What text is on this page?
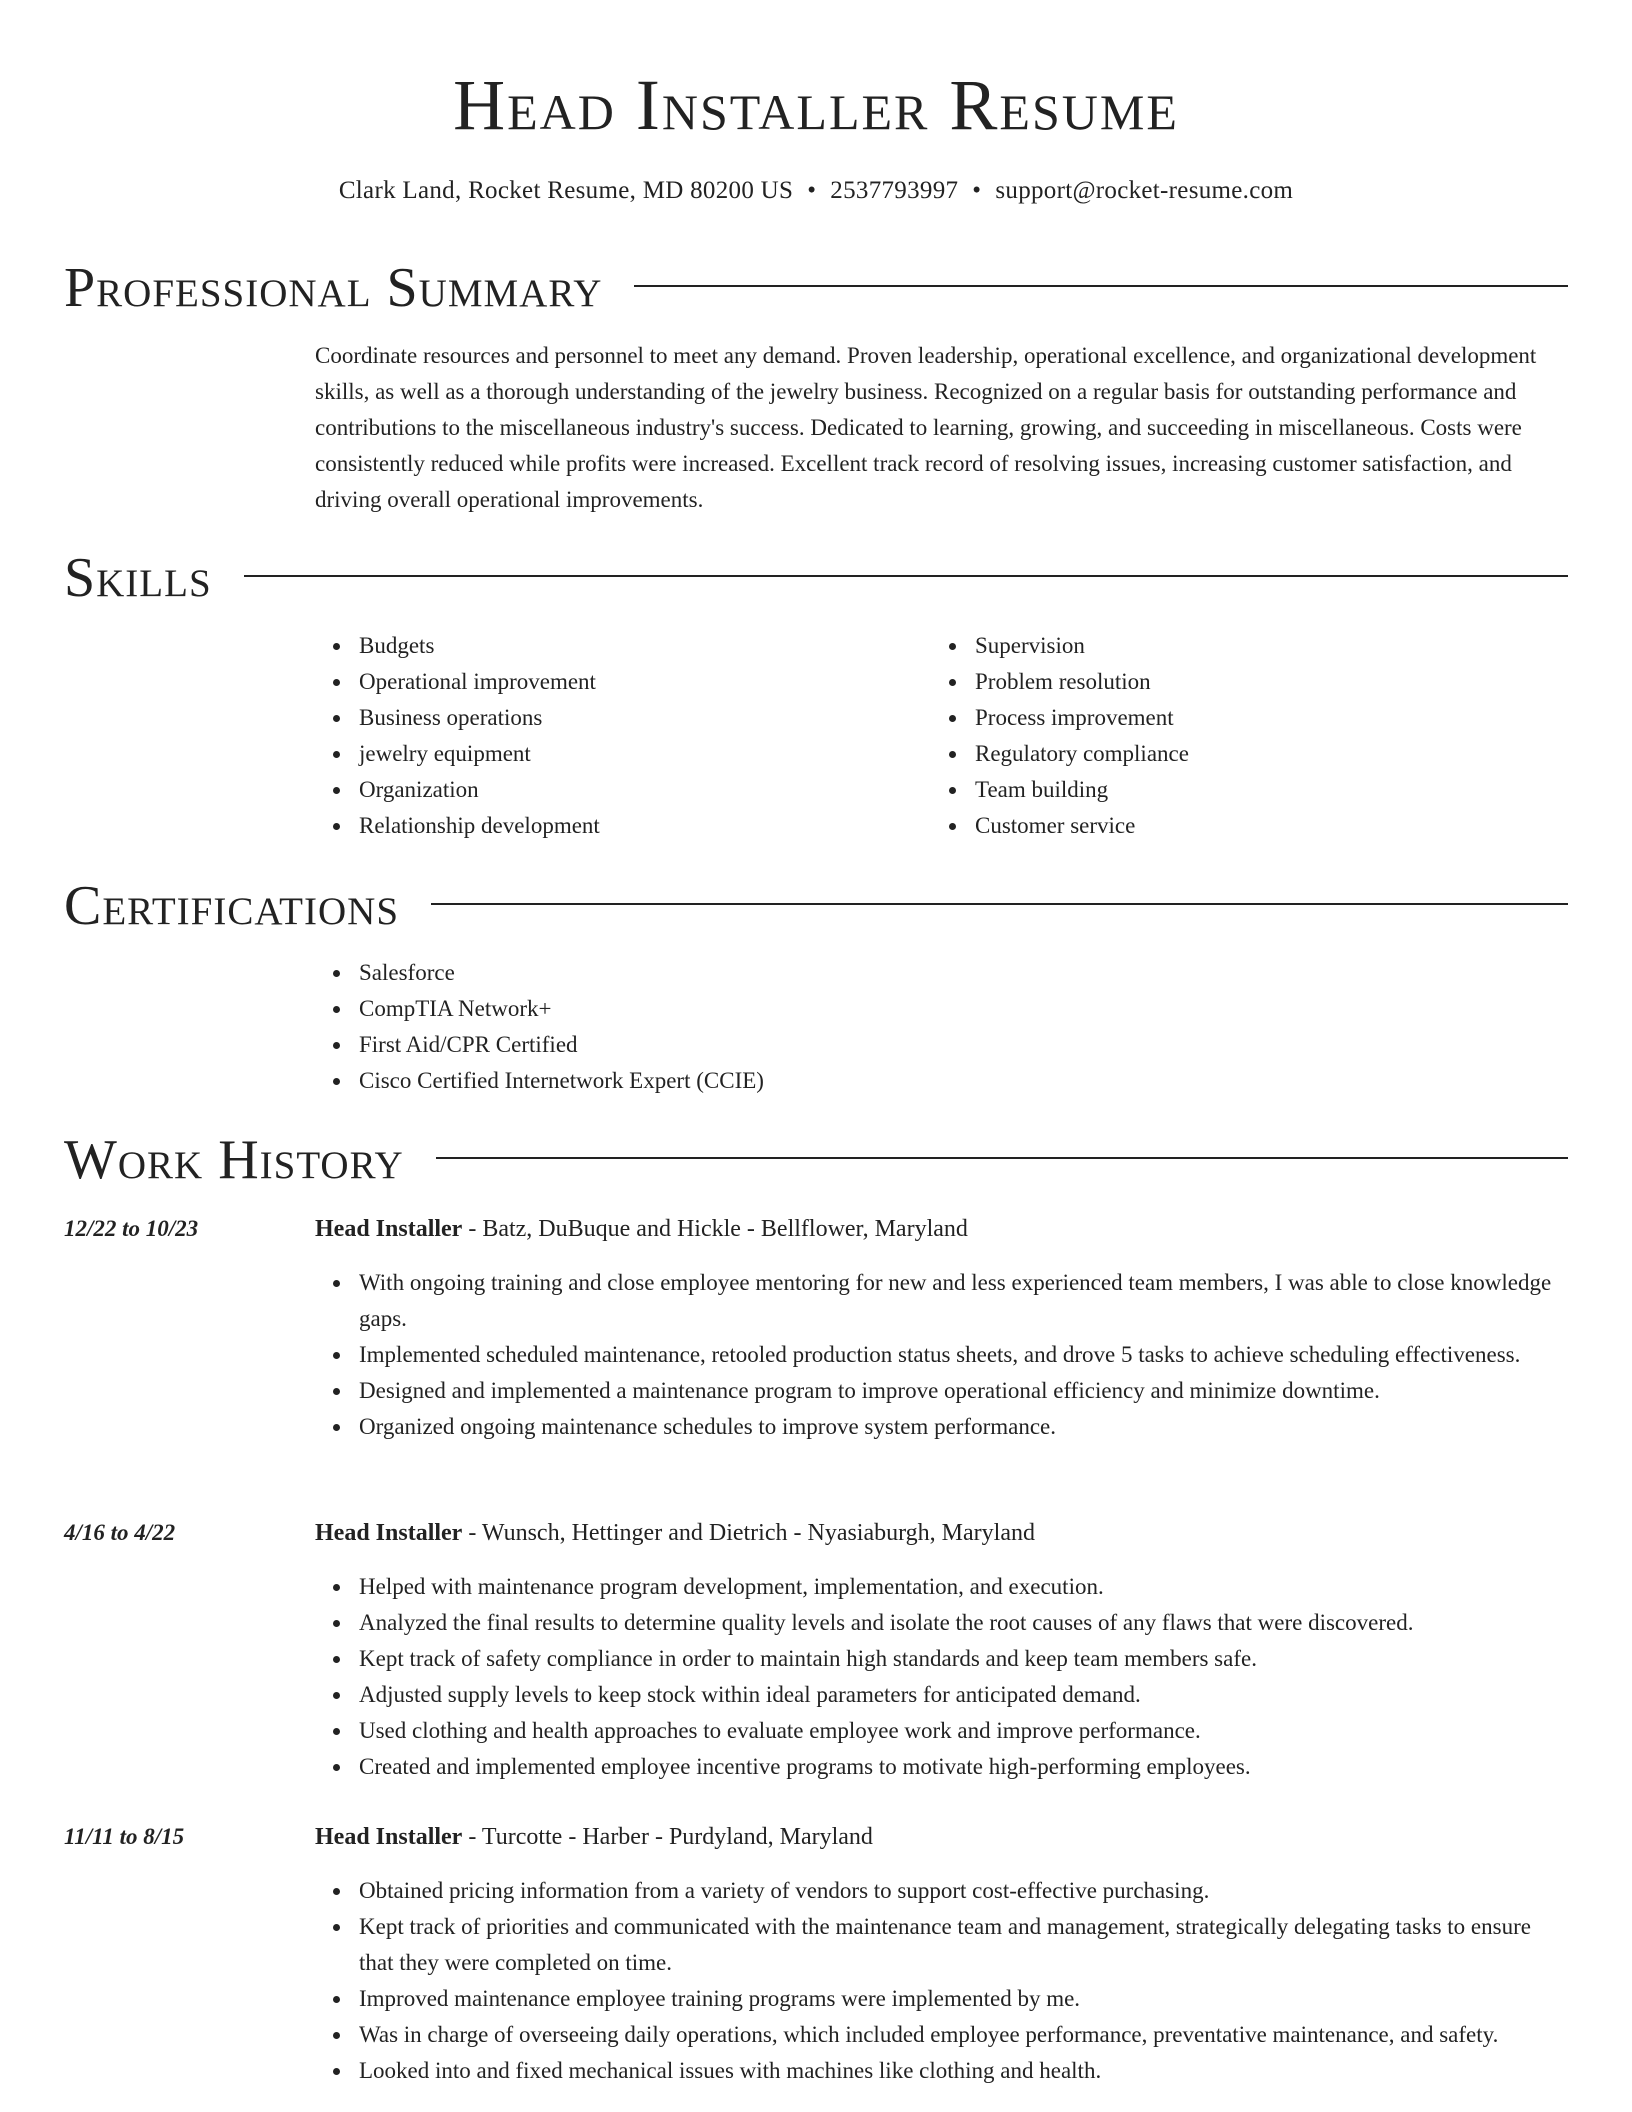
Head Installer Resume
Clark Land, Rocket Resume, MD 80200 US • 2537793997 • support@rocket-resume.com
Professional Summary

Coordinate resources and personnel to meet any demand. Proven leadership, operational excellence, and organizational development skills, as well as a thorough understanding of the jewelry business. Recognized on a regular basis for outstanding performance and contributions to the miscellaneous industry's success. Dedicated to learning, growing, and succeeding in miscellaneous. Costs were consistently reduced while profits were increased. Excellent track record of resolving issues, increasing customer satisfaction, and driving overall operational improvements.

Skills
Budgets
Operational improvement
Business operations
jewelry equipment
Organization
Relationship development
Supervision
Problem resolution
Process improvement
Regulatory compliance
Team building
Customer service
Certifications
Salesforce
CompTIA Network+
First Aid/CPR Certified
Cisco Certified Internetwork Expert (CCIE)
Work History
12/22 to 10/23	Head Installer - Batz, DuBuque and Hickle - Bellflower, Maryland
With ongoing training and close employee mentoring for new and less experienced team members, I was able to close knowledge gaps.
Implemented scheduled maintenance, retooled production status sheets, and drove 5 tasks to achieve scheduling effectiveness.
Designed and implemented a maintenance program to improve operational efficiency and minimize downtime.
Organized ongoing maintenance schedules to improve system performance.
4/16 to 4/22	Head Installer - Wunsch, Hettinger and Dietrich - Nyasiaburgh, Maryland
Helped with maintenance program development, implementation, and execution.
Analyzed the final results to determine quality levels and isolate the root causes of any flaws that were discovered.
Kept track of safety compliance in order to maintain high standards and keep team members safe.
Adjusted supply levels to keep stock within ideal parameters for anticipated demand.
Used clothing and health approaches to evaluate employee work and improve performance.
Created and implemented employee incentive programs to motivate high-performing employees.
11/11 to 8/15	Head Installer - Turcotte - Harber - Purdyland, Maryland
Obtained pricing information from a variety of vendors to support cost-effective purchasing.
Kept track of priorities and communicated with the maintenance team and management, strategically delegating tasks to ensure that they were completed on time.
Improved maintenance employee training programs were implemented by me.
Was in charge of overseeing daily operations, which included employee performance, preventative maintenance, and safety.
Looked into and fixed mechanical issues with machines like clothing and health.
